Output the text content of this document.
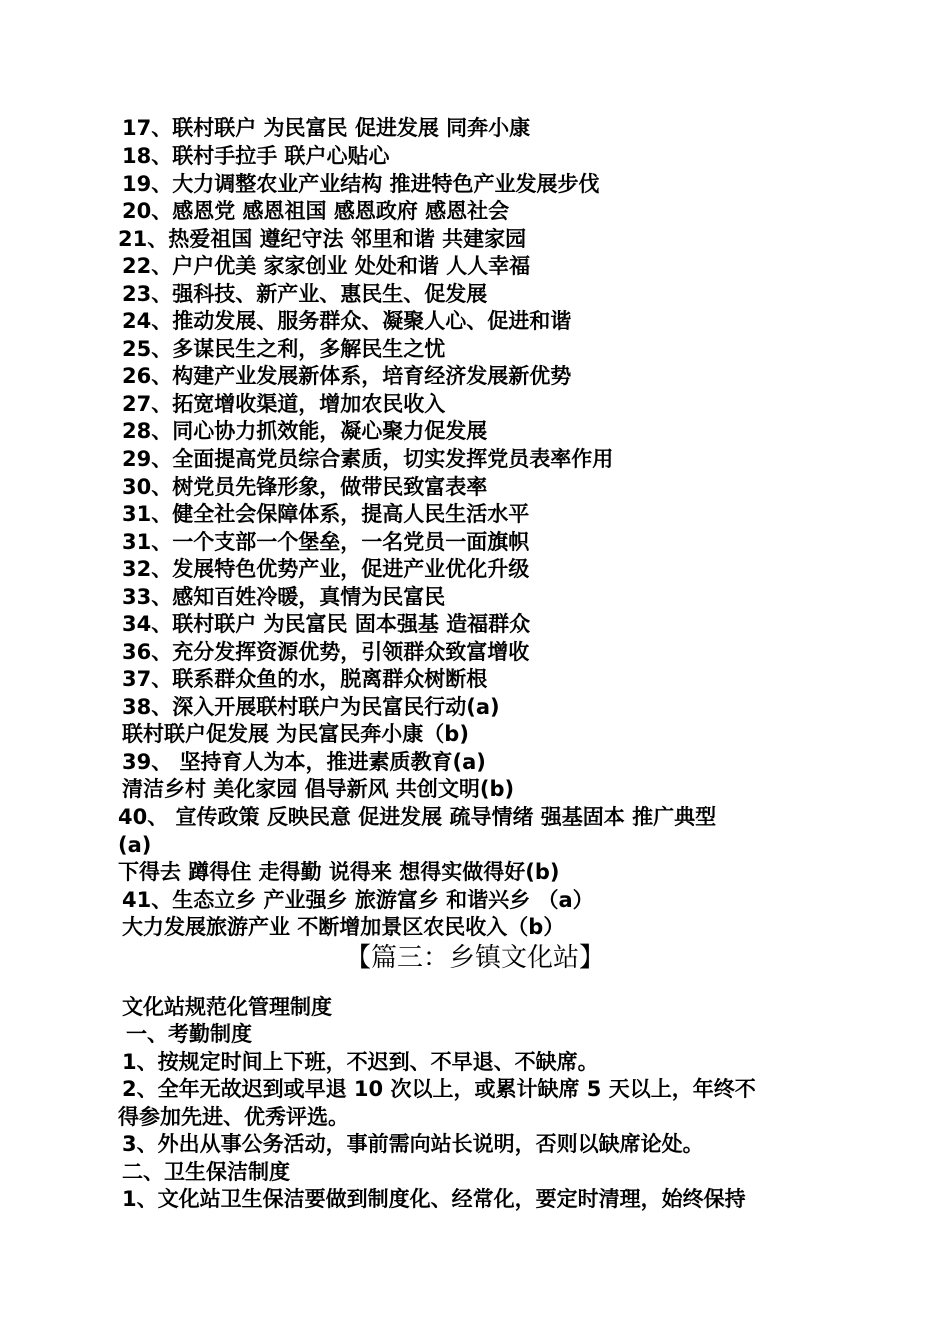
17、联村联户 为民富民 促进发展 同奔小康
18、联村手拉手 联户心贴心
19、大力调整农业产业结构 推进特色产业发展步伐
20、感恩党 感恩祖国 感恩政府 感恩社会
21、热爱祖国 遵纪守法 邻里和谐 共建家园
22、户户优美 家家创业 处处和谐 人人幸福
23、强科技、新产业、惠民生、促发展
24、推动发展、服务群众、凝聚人心、促进和谐
25、多谋民生之利，多解民生之忧
26、构建产业发展新体系，培育经济发展新优势
27、拓宽增收渠道，增加农民收入
28、同心协力抓效能，凝心聚力促发展
29、全面提高党员综合素质，切实发挥党员表率作用
30、树党员先锋形象，做带民致富表率
31、健全社会保障体系，提高人民生活水平
31、一个支部一个堡垒，一名党员一面旗帜
32、发展特色优势产业，促进产业优化升级
33、感知百姓冷暖，真情为民富民
34、联村联户 为民富民 固本强基 造福群众
36、充分发挥资源优势，引领群众致富增收
37、联系群众鱼的水，脱离群众树断根
38、深入开展联村联户为民富民行动(a)
联村联户促发展 为民富民奔小康（b)
39、 坚持育人为本，推进素质教育(a)
清洁乡村 美化家园 倡导新风 共创文明(b)
40、 宣传政策 反映民意 促进发展 疏导情绪 强基固本 推广典型
(a)
下得去 蹲得住 走得勤 说得来 想得实做得好(b)
41、生态立乡 产业强乡 旅游富乡 和谐兴乡 （a）
大力发展旅游产业 不断增加景区农民收入（b）
【篇三：乡镇文化站】
文化站规范化管理制度
一、考勤制度
1、按规定时间上下班，不迟到、不早退、不缺席。
2、全年无故迟到或早退 10 次以上，或累计缺席 5 天以上，年终不
得参加先进、优秀评选。
3、外出从事公务活动，事前需向站长说明，否则以缺席论处。
二、卫生保洁制度
1、文化站卫生保洁要做到制度化、经常化，要定时清理，始终保持
